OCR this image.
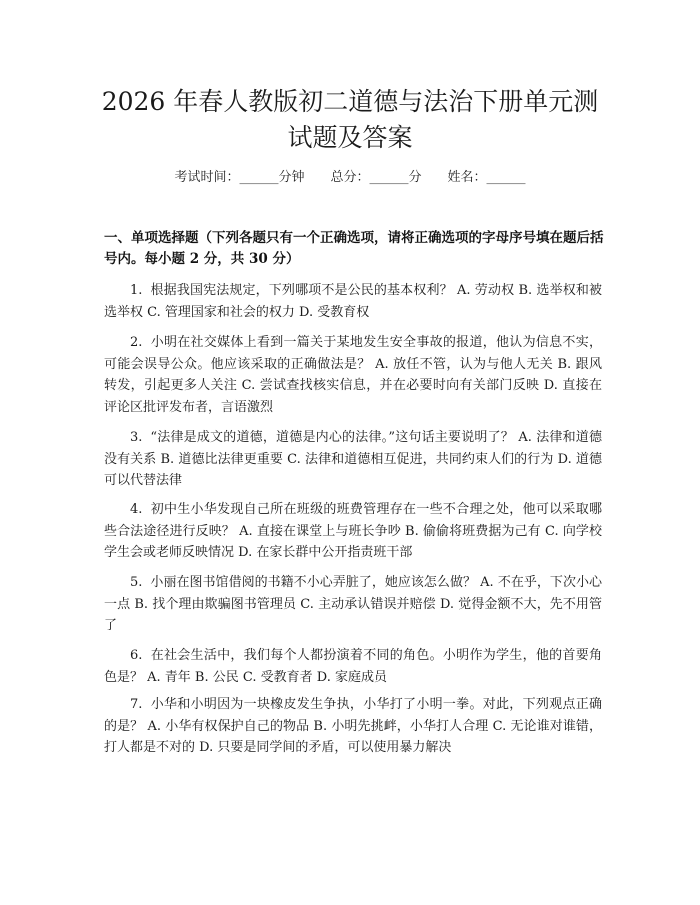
2026 年春人教版初二道德与法治下册单元测
试题及答案
考试时间：______分钟 总分：______分 姓名：______
一、单项选择题（下列各题只有一个正确选项，请将正确选项的字母序号填在题后括号内。每小题 2 分，共 30 分）
1. 根据我国宪法规定，下列哪项不是公民的基本权利？ A. 劳动权 B. 选举权和被选举权 C. 管理国家和社会的权力 D. 受教育权
2. 小明在社交媒体上看到一篇关于某地发生安全事故的报道，他认为信息不实，可能会误导公众。他应该采取的正确做法是？ A. 放任不管，认为与他人无关 B. 跟风转发，引起更多人关注 C. 尝试查找核实信息，并在必要时向有关部门反映 D. 直接在评论区批评发布者，言语激烈
3. “法律是成文的道德，道德是内心的法律。”这句话主要说明了？ A. 法律和道德没有关系 B. 道德比法律更重要 C. 法律和道德相互促进，共同约束人们的行为 D. 道德可以代替法律
4. 初中生小华发现自己所在班级的班费管理存在一些不合理之处，他可以采取哪些合法途径进行反映？ A. 直接在课堂上与班长争吵 B. 偷偷将班费据为己有 C. 向学校学生会或老师反映情况 D. 在家长群中公开指责班干部
5. 小丽在图书馆借阅的书籍不小心弄脏了，她应该怎么做？ A. 不在乎，下次小心一点 B. 找个理由欺骗图书管理员 C. 主动承认错误并赔偿 D. 觉得金额不大，先不用管了
6. 在社会生活中，我们每个人都扮演着不同的角色。小明作为学生，他的首要角色是？ A. 青年 B. 公民 C. 受教育者 D. 家庭成员
7. 小华和小明因为一块橡皮发生争执，小华打了小明一拳。对此，下列观点正确的是？ A. 小华有权保护自己的物品 B. 小明先挑衅，小华打人合理 C. 无论谁对谁错，打人都是不对的 D. 只要是同学间的矛盾，可以使用暴力解决
